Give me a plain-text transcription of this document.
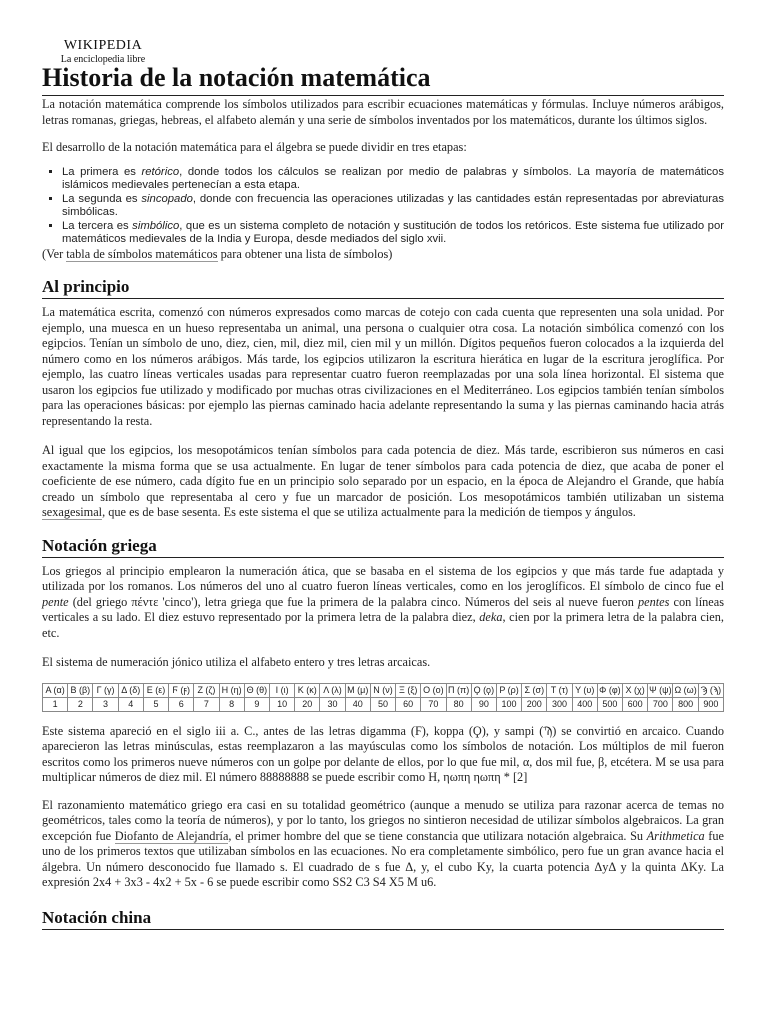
WIKIPEDIA
La enciclopedia libre
Historia de la notación matemática

La notación matemática comprende los símbolos utilizados para escribir ecuaciones matemáticas y fórmulas. Incluye números arábigos, letras romanas, griegas, hebreas, el alfabeto alemán y una serie de símbolos inventados por los matemáticos, durante los últimos siglos.

El desarrollo de la notación matemática para el álgebra se puede dividir en tres etapas:

▪ La primera es retórico, donde todos los cálculos se realizan por medio de palabras y símbolos. La mayoría de matemáticos islámicos medievales pertenecían a esta etapa.
▪ La segunda es sincopado, donde con frecuencia las operaciones utilizadas y las cantidades están representadas por abreviaturas simbólicas.
▪ La tercera es simbólico, que es un sistema completo de notación y sustitución de todos los retóricos. Este sistema fue utilizado por matemáticos medievales de la India y Europa, desde mediados del siglo xvii.

(Ver tabla de símbolos matemáticos para obtener una lista de símbolos)

Al principio

La matemática escrita, comenzó con números expresados como marcas de cotejo con cada cuenta que representen una sola unidad. Por ejemplo, una muesca en un hueso representaba un animal, una persona o cualquier otra cosa. La notación simbólica comenzó con los egipcios. Tenían un símbolo de uno, diez, cien, mil, diez mil, cien mil y un millón. Dígitos pequeños fueron colocados a la izquierda del número como en los números arábigos. Más tarde, los egipcios utilizaron la escritura hierática en lugar de la escritura jeroglífica. Por ejemplo, las cuatro líneas verticales usadas para representar cuatro fueron reemplazadas por una sola línea horizontal. El sistema que usaron los egipcios fue utilizado y modificado por muchas otras civilizaciones en el Mediterráneo. Los egipcios también tenían símbolos para las operaciones básicas: por ejemplo las piernas caminado hacia adelante representando la suma y las piernas caminando hacia atrás representando la resta.

Al igual que los egipcios, los mesopotámicos tenían símbolos para cada potencia de diez. Más tarde, escribieron sus números en casi exactamente la misma forma que se usa actualmente. En lugar de tener símbolos para cada potencia de diez, que acaba de poner el coeficiente de ese número, cada dígito fue en un principio solo separado por un espacio, en la época de Alejandro el Grande, que había creado un símbolo que representaba al cero y fue un marcador de posición. Los mesopotámicos también utilizaban un sistema sexagesimal, que es de base sesenta. Es este sistema el que se utiliza actualmente para la medición de tiempos y ángulos.

Notación griega

Los griegos al principio emplearon la numeración ática, que se basaba en el sistema de los egipcios y que más tarde fue adaptada y utilizada por los romanos. Los números del uno al cuatro fueron líneas verticales, como en los jeroglíficos. El símbolo de cinco fue el pente (del griego πέντε 'cinco'), letra griega que fue la primera de la palabra cinco. Números del seis al nueve fueron pentes con líneas verticales a su lado. El diez estuvo representado por la primera letra de la palabra diez, deka, cien por la primera letra de la palabra cien, etc.

El sistema de numeración jónico utiliza el alfabeto entero y tres letras arcaicas.

Α (α)	Β (β)	Γ (γ)	Δ (δ)	Ε (ε)	Ϝ (ϝ)	Ζ (ζ)	Η (η)	Θ (θ)	Ι (ι)	Κ (κ)	Λ (λ)	Μ (μ)	Ν (ν)	Ξ (ξ)	Ο (ο)	Π (π)	Ϙ (ϙ)	Ρ (ρ)	Σ (σ)	Τ (τ)	Υ (υ)	Φ (φ)	Χ (χ)	Ψ (ψ)	Ω (ω)	Ϡ (ϡ)
1	2	3	4	5	6	7	8	9	10	20	30	40	50	60	70	80	90	100	200	300	400	500	600	700	800	900

Este sistema apareció en el siglo iii a. C., antes de las letras digamma (Ϝ), koppa (Ϙ), y sampi (Ϡ) se convirtió en arcaico. Cuando aparecieron las letras minúsculas, estas reemplazaron a las mayúsculas como los símbolos de notación. Los múltiplos de mil fueron escritos como los primeros nueve números con un golpe por delante de ellos, por lo que fue mil, α, dos mil fue, β, etcétera. M se usa para multiplicar números de diez mil. El número 88888888 se puede escribir como Η, ηωπη ηωπη * [2]

El razonamiento matemático griego era casi en su totalidad geométrico (aunque a menudo se utiliza para razonar acerca de temas no geométricos, tales como la teoría de números), y por lo tanto, los griegos no sintieron necesidad de utilizar símbolos algebraicos. La gran excepción fue Diofanto de Alejandría, el primer hombre del que se tiene constancia que utilizara notación algebraica. Su Arithmetica fue uno de los primeros textos que utilizaban símbolos en las ecuaciones. No era completamente simbólico, pero fue un gran avance hacia el álgebra. Un número desconocido fue llamado s. El cuadrado de s fue Δ, y, el cubo Ky, la cuarta potencia ΔyΔ y la quinta ΔKy. La expresión 2x4 + 3x3 - 4x2 + 5x - 6 se puede escribir como SS2 C3 S4 X5 M u6.

Notación china
